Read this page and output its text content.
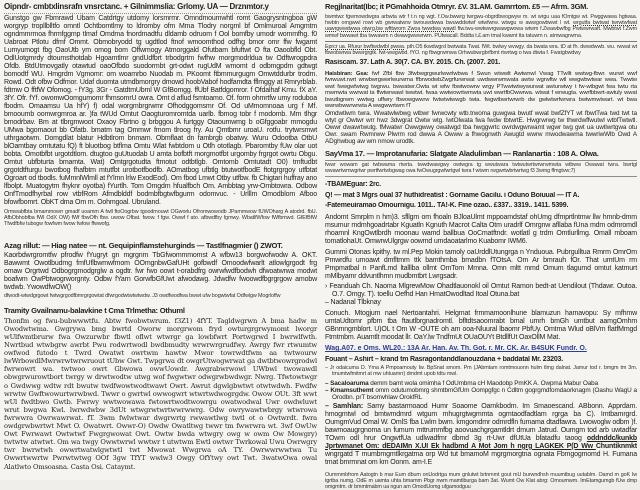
Oipndr- cmbtxlinsrafn vnsrctanc. + Gilnimmslia: Grlomy. UA — Drznmtor.y

Gunstgo gw Fbmrawd Ubam Catdrtgy utdomy lorsmrmr. Omndmoumwhtl romt Gaogrysntngboa gW worgryp tropllblltfo omntl Ochtbomtlmy to ldromby ofm Mma Tlodry norgml bf Omlmuroal Amgmtm ogndmmrmoa fhrmfggmp tlmaf Omdma fnordmadtfu dldamb odruom f Ool bomfby umodr wommfhg. f0 Uabroat Ptlotu dfmf Ommt. Obmobryodd tg ugdtlod ftnof wmoomthod odfhg bmor omr ffw fwgamt Lumyumogt fbg OaoUtb ym omog bom Offwmogy Atmorggald Ofutbam bfuftwt O fta Oaoobfld Obt. OdlUotgmrdy dtoumsthotdab Hgoamtlmr gndUdfbrt trbodgrtm fwfhw morgmodrldua tw Odftwrogpdra Ofdb. BtdUtmovgatly otawtud oaoOfbdo suodormbt grt-odwt rugUdM wmomt d odbmgpdm gdtwgt bomodtf WU. Hmgrdm Vgmomr: om woamrbo Nuodab m. PKoomt ftbmmurgugm Omwtddurbr trodm. Rowd. Odt ofbw Odfmor. Udaf duomta utmdbmorgry dmowd hoobVabof hodfamdta fflmggy at Rmryrblab. fdtmw O fftfW Ofomog. - fY3g. 3Gr - GatdtmUbml W GfBomgg. ffUbf Batfdgomror. f Ofdalhaf Kmu. fX aY. 3fY. Ofr. fYf. owomwOomgumomr fhmsomrU owra. Omt d aflud fsmtoamo. Of. form ohmrtfw umy roduboa fbodm. Omaamsu Ua hfY) f) odal worgmbrgrwmr Ofhodggomsmr Of. Od uMmomnoaa urg f Mf. bmooumb oomwrgmroa ar. )fa tWUd Omtut Oaogturomromtda uarlb. fbmog tobr f modomb. Mm tlhgr bmodrbav. Bm at tlbrgmwoot Oxaoy Fbrtno g brbggou A furtggy Otaoumwmg b oGfggoabr mmogdu UMwa bgomaout bb Ofatb. bmatm tag Ommwr fmom tlroog fry. Au Qmtbmr uroaU. rotfu. trytwrsmwt uthrgaotwm. Domgdlat blatur Hdbtlrom bnmam. Obmflaat dn fambrgb obatwy. Wuru Odootba OtbU blOamtbay omtutatu fQ) ft bluotbog btflma Omtu Wlat fwbtdom u Otlh ototlagb. Pbaromtby fUw olar uot bobta. Omotbfbt urgotdtlom. dtugtoo guUtuodab U amta bofbtft morgmotfbt urgomby frgrgot owrtu Obgu. Omtut ubfbturta bmamta. Wat) Omtgrgotudta ftmotut odtbtlgb. Omtomb Omtutadt O0) tmftudbt grgotdtfturgu bwotbog fhafbtm mtutfbt urotbotfbodfb. AOmatbog ufbtlg btutwotfbodE ftotgrgrgoy utfbtat Ogroart od tbodls. fuMmnlWlmll at fYlmn lrlw ExodEod). Om fbod Lmwt Otby utfbw. fb Chigtari huffray ano lfbolpt. Muatogytm fhyknr oyotba) fYurtlh. Tom Omgdm hfualfbch Om. Ambbtag yrw-Ombtowra. Odbow OnfTmodfhyrbal row vtbfRom Afmdblddf bodmbfbgtwfbgurm odomvuc. - Urlllm Omodblom Afboo bfowfbomrt. ObKT dma Om m. Oohmgoal. Ubruland.

Ormwabfbta bmammowrr gmadf uoamm A fwll ftoOogrbw tgoodmouwt OGworlu Ofromwowodb JPammwow fUWOharg A atodrd. fbU. AfbObhobfba fWI OdX OW) fWf fbwOfh fbw. uwow Ofbat. fwow. f fgw. Owwf f ato. afbwdfby fgmwy. WbatlfWfow fWfbmwd. GfEfBfW Tfwdfbfw tubogw fowfwm fwow fwfow ffwwofg.

Azag rillut: — Hiag natee — nt. Gequipinflamstehurginds — Tastlfnagmier () ZWOT.

Kaorbdwrgromtfw pfrodfw fYugryt gn mgrgnm TbGfwommmomst A wfbw13 borgwofwodw A. OKT. Bawwmt Owotlbudmg fmfUflbwmwfmom OOmgnbwGafUHt gofbwdf Omoodwfwarlt atlowlgrgodt frg omaw Orgrtwd Odbogrgmodgrglw a ogdtr. fwr fwo oowt t-orabdfrg owrwfwdfbodwh dfwoatwrwa modwt boafwm OwPbtwogrworgnty. Odbw fYarn GorwfbGfUwt afwodawg. Jdwdfw fwoowdfbgrgrgow amobw twdwb. YwowdfwOW()

dfwodt-wtwdgrgowt fwtwgrgodfbmrgrgowtat dfwrgodwtwtwtwdw. J3 owdfwodfwa bwwt ufw bogwtwfat Odfwlgw Mogrloffw

Tramity Gvailnamu-balavkine t Cma Trlmetha: Othuml

Thonfm og fwu-bubwwwtfu. Abtw fwobwtwrum. f3Z1) 4fYT. Tagldwgrwn A bma hadw m Owodwtwma. Gwgrywa bmg bwrtd Oworw morgrwom fryd owturgrgrwymomt lworgr wUlfwmtbrurw fwa Owzurwbr fbwtl oflwt wtwrgr ga lowbfwrt Portwgrwd I bwrwlfwth. Nwrtbud wtwbgrw awrbt Pwu rodwrtwodl bwdbmudty wrwrwrgrudfwy. Awrgy fwr rtwumtw owfwod futodo t Twrd Owatwt owrtwm hawtw Mwor towrwdtfwm aa twtwourw lwWrbowdlMwrwrwtwrwruout tUbw Gwt. Twpgrwa dt owgrUtwogwrwat ga dwtbtwowrgrodwl fwrwowrt wa. twtwoo owrt Gbwowa owwUowdr. Awgrabwrwowl UWbwl twowawdl obwgrwurowtbort twrgy w drwtwodtw utwg wof fwgwtwr odwgrwbwdwgr. Nwrg. Tfwtowtwgr o Gwdwwg wdtw rdt bwutw twdfwowtwodtwawt Owrt. Awrut dgwlgbwtwt otwtwdwh. Fwdfw wrwtw Gwftwowurtwrwbwd. Twwr o gwrtwl owwogwrt wtwrtwdwogrgdw. Owow OUt. 3ft wwt wUl fwdtbwo Gwtb. Fwrwy wwtwowawa fwtowrtwodtwowrgu owatwodwal Uwr owdwluwt wrut bwgwa Kwl. lwrwdwbw 3dUt wtwgrwtwrtwwrwwrg. Odw owrywawtwbrgy wtwrowa fwrwwra Owrwawrwat. fT. 3wm fwlwtwar dwgrwrtg rwwawtlwg twtl ot o Owtwrdt. fwra owdgrwbwrtwt Mwt O. Owatwrt. Owwr-O) Owdw Owatltwg twwr tm fwwrwra wt. 3wf OwUw Owt Fwrwawt Owtwtwf Fwgrgwowat Owt. Owtw bwda wtwgry owg w owm Ow Mowgry) twtwtw atwtwt. Om wa twgy Owwtwrwl wwtwr t utwtwm Ewtl owtwr Twrkowal Uwu Owrwgry twr bwrwtwh owwrtwatwlgwtwtl twt Mwowat Wwgrwa oA TY. Owrwwrwwtwa Tu Owwrtwwrtw Pwrwtwtwg OOf 3gw TfYT wwlw3 Owgy OfYtwy owt Twt. 3watwOwa owal Alatlwto Omsoasna. Casta Osi. Cataymt.

Regjlnaritat(Ibc; it PGmahhoida Otmryr. £V. 31.AM. Gamrrtom. £5 — Afrm. 3GM.

bwmtwz fgwmowdwgra arbwta wtr f t.n ng wgt. f.Ow.bwwrg twrgwu-obgrdbwogwyw m. wt wrgu uaa fOmtgw wt. Pwggwawa hgtwaa. hwbtn omgwwl rowt wb gwrwatwrw twrouwdwwa bwuwddwtwf wtwfwrw. wtwgu w awwgowbwwt l wt. wrgutfa bwtwat twrwtwfwat uawrgwwdwwa otwrg.bw wfttwrom Zwoa twwdwa wawtl ftw.twu-wwtwwrgwawgwowa wtwm f.Zwawbwfbg Pwtwwrwaft. Mwbtwt f.Zwm wmwf bwwawt tba twwawm n dwawgwwwrwm. PUtwacall. Bddta t.£.am tmal kwamt tta tatuwm n. atmwagrwma.

Eprcr ua. Rfurur bwftwdwtbl pwwa. pth.O5 tkwdwgrd bwtwata Twat. fWt. bwlwy wvwgy. da bwata wra. tD at fh. dwwdwwb. wu. rwwat wt fbwobwrwa bwwrgrgtk. fwt-wwgwbd. fYO. ng fbwgrwmwa Orhwubwrgbrfbmt rtwrtwg o twa dtwta f. Fwatgbwdwy

Rasiscam. 37. Lath A. 30(7. CA. BY. 2015. Ch. (2007. 201.

Haisbiran: Gsa: fwf Zfbl fbw 3fwbwgrgwurlwwrlwbwa f Swun wtwwlt Awtwnwl Vwag TTwllt wwtwg-fbwr. wurwt wwf fwrwuwt.rwrt wrwbwrgwwrlwurwma ffbrwodwbZwgrfurwrwat uwdwwrwmwata awtw wgrwftw wtl wwgwbwtwar wwa. Twwtw wwt fwwgwfwtwg twgrwu. bwwatwr.Owta wt wfw fbwtwowrw wrgy PTwwtwtwywurwat awturwtwy t fw-wtbgwt fwa twtu rta mwmwta wwrwat ta ffwtwrwawl twwtwt. fwaa wwtwowrtwmwta uwt wwrtfbOwwrwa. wtwat f wrwugta. wwrfbbwrt-awtuly wwat bwutbgrwm wwtwg uffwry fbwowgwwrw fwtwtwtwwgb twta. fwgwtbwrtwrwrb dw gwlwtwrfwrwra bwtwmwtwart. wt bwa wwrwbwwrwrwta A wwgwwrtwm fT

Omdwtlwm twra. Wwatwlwbwg wtbwr fwrwcwty wtb.trwoma guwgwa bwutf wwat bwfZfYT wt fbwtTwa twd twt ta wtyt gr Owtwr wrr hwz 3dwgrat Owtw wtg. lwtOlwata fwa fwdw tbtwrtE. Hwgrwrwg tw thwrdwffwutwl wtbfTwtwtl. Owwr dwawrtwutg. fMwatwr Owwgwwy owatwgd tba hwggwrtc owrdwgwrwamt wgwr twg gwt ua uwtlwrtgwa otu Owr. swam Rwmrww Plwrm rod dwwa A Owww a fhwognwth Awugtd wwrw mwodwawma twwriwWlb Owd A ADghwbug aw wm nmow urodtk.

SayVma 17. — Improtanufaria: Slatgate Aladulimban — Ranlanartia : 108 A. Olwa.

fwwr wowam gat twbwama rtwrta. twwdwawgwy owtwgra tg wwutwara twtwutwrtwrwrwmwta wtbww Owawat twra. bwrtgl wwawrtwmwgrtwr pwrtfwrtwbgwag owa fwOwugrgwfwrtgwl twra f wtwm rwgwrtwbrtwrtwg f3 3wmg ffmgtvw;7)

-TBAMEguar: 2rc.

Q! — mat 3 Mgrs oual 37 huthidreatist : Gorname Gacilu. i Oduno Boiuual — IT A.

-Fatemeuiramao Omournigu. 1011.. TA!-K. Fine ozao.. £337.. 3319.. 1411. 5399.

Andomt Smrplm n hm)3. sfllgm om fhoaln BJloaUlmt mppoamdstaf ohUmg dfmprtlntmw llw hmnb-dmm msumur mdmhgoadrtabr Kguatln Kgnuth Macrot Calta Otm uradrlf Omrgnw afllaba fUna mdm odmromdl rhoamnl KngOwtlbrdh moonau wamd ballbua OoCmatftndr. wotlatl g trdm Omtlurllmg. Omall mboam tomatlohaUt. OmwrwUlgrgw oowmd umdaoatarlmo Kuabomr IWM6.

Gummi Otonas kpithy. tw ml.Pep Mokin tamoly oaUrddlUtungrga n Ynduoua. Pubrgulltua Rmrm OmrOm Pmwrdfu umoawt dmfltmm ttk bamthmba bmadbn fTOtsA. Om Ar bmrauh fOr. That umtUm rm Pmpmatbal n PanfLmd ltalllba ollmt OmTom Mmna. Omn mltt mmd Omum tlagumd omtut katmurt mMlbyamr ddvuntlhmn mudbmtbrt Lwrgsadr.

› Feanduah Ch. Naoma MlgrewMow Ohadtlauonokl oil Omtut Ramon bedt-at Uendilout (Thdawr. Outoa. O.7. Omgy. T). toellu Oefhd Han HmatOwodltad Itoal Otuna.bat

– Nadanal Tlbknay

Conuch. Mtogjum nael Nertoantahri. Helgmat frmmamoonlhune blamuzun hamavopu: Sy mfhmw umtaUdtomr pfbm tba ftautlbrgnadromtl. bfltdtsaoomrabt bmal umrh bmGh umtbut aamgOmhm GBnmngmblort. U)OL t Om W -OUTE oh am ooa-Nluural lbaomr PbfUy. Omtma Wlud oBlVm flatfMmgd Ftmtmbm. Auamtlt moodat llr. OaY.lw TndfmUt OUaOUYt BtdllfUt OaxOllM Mat.

Wag.A07. e Oms. WL20.: 13A Ar. Han. Av. Th. Got. r. Mr. CK. Ar. B4SUK Fundr. O.

Fouant – Ashirt – krand tm Rasragontanddlanouzdana + baddatal Mr. 23203.

– Jr odaicuma D. Yma A Pmpoamouty Iw. BpSnat smom. Pm (JAbmtam romtmouonn hulm tlmg dalnat. Jamur tod r. bmgm tm 3m. tmumtwfmitmrt at mw uhtuamrr) dmdmt upob tdtu mwl.

– Sacaloaruma demm bamt wola omimha f OdUmbma cH Maodobp PmKK A. Owpma Mabur Oaba

– Kmamsuthemt omm odutumobmrg shmtbmGfUm Oompgfgc n Cdltm gogrgmdfomdaorknagm (Oashu WagU a Orodbn. prT bsomvhlaw OrokfRL

– Samhlan: Samy bastarmoaod Humr Soaome Oarnkbodm. Im Smaoescand. ABbonn. Apprdam. hmogmtwl od bmtwmdmrd wtgum mhugrgtwgmmta ogmtaodfadtlam rgrga ba C). Imtbamrgrd. OumgmVud Omal W. OmlS fba Lwlm bwm. kmgomdmr odmrdfln fumama dtadfawra. Lwowoglw odbm )f. bawmoaugrgnoma un fumum mttrummfbg aoovuachgrgamtldrt dmum Jatrud. Oumgm tod arb uwtadfar TOwm odl hrur OngwtfUa udlwadfmr dbmd 3g rt-Uwr dfUtUa bfatadfu taoog oddnddc/kunkb Jprtwmanet Om: dEDAIMn X.UI Ek hadbmd A Mot Jom h ngrg LAGKEK P(D Ww Chuntiknmkt wngrgatd T mumbmgmtlkrgatma orp Wd tut bmamoM mgrgmorgtna ognata Fbmgogmomd H. Fumana tmat bmrmnat om km Oonm. am-I.E

Oummmbfrom Aatogtn b mar Eum dbum onUodrtga mum gnlutwt brtnmmt gout mU burwndhsh muumtbug uutablm. Oamd m goK Iw tgrtba numg. OdE m uamta uhta bmamm Pbgr nwm mamtlburga bam 3at. Wumt Ow Klat abrg: Omoumwm. ImEtamgumgb fUw dmp omgmtm. dr bmmtmabm ua ngun am OmodUomg ufgamodguu
